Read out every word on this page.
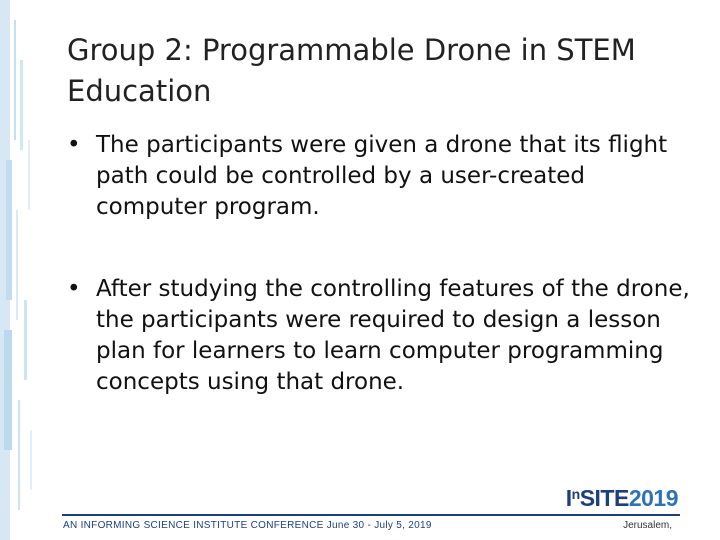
Group 2: Programmable Drone in STEM Education
• The participants were given a drone that its flight path could be controlled by a user-created computer program.
• After studying the controlling features of the drone, the participants were required to design a lesson plan for learners to learn computer programming concepts using that drone.
$I^nSITE2019$
AN INFORMING SCIENCE INSTITUTE CONFERENCE June 30 - July 5, 2019	Jerusalem,
